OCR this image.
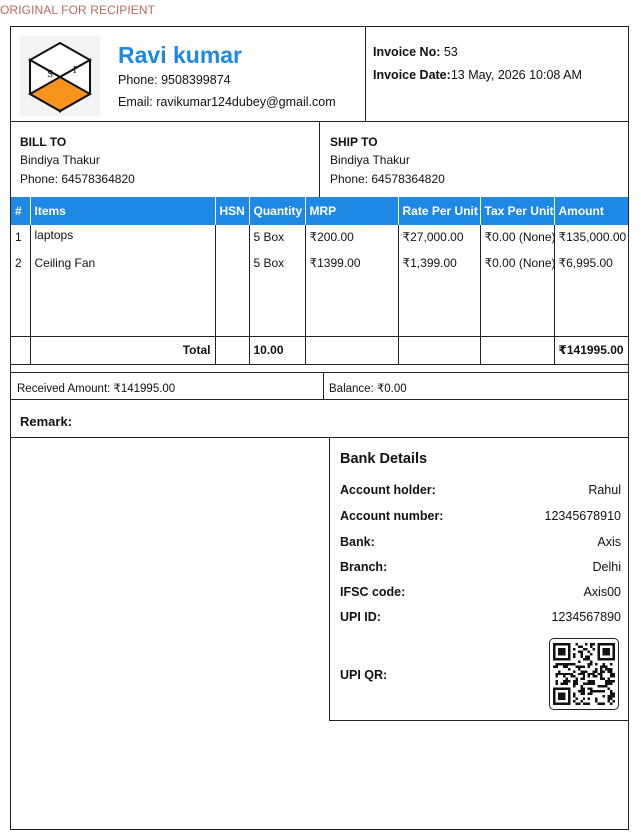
ORIGINAL FOR RECIPIENT
S I
Ravi kumar
Phone: 9508399874
Email: ravikumar124dubey@gmail.com
Invoice No: 53
Invoice Date:13 May, 2026 10:08 AM
BILL TO
Bindiya Thakur
Phone: 64578364820
SHIP TO
Bindiya Thakur
Phone: 64578364820
#	Items	HSN	Quantity	MRP	Rate Per Unit	Tax Per Unit	Amount
1	laptops		5 Box	₹200.00	₹27,000.00	₹0.00 (None)	₹135,000.00
2	Ceiling Fan		5 Box	₹1399.00	₹1,399.00	₹0.00 (None)	₹6,995.00
	Total		10.00				₹141995.00
Received Amount: ₹141995.00	Balance: ₹0.00
Remark:
Bank Details
Account holder:	Rahul
Account number:	12345678910
Bank:	Axis
Branch:	Delhi
IFSC code:	Axis00
UPI ID:	1234567890
UPI QR:
